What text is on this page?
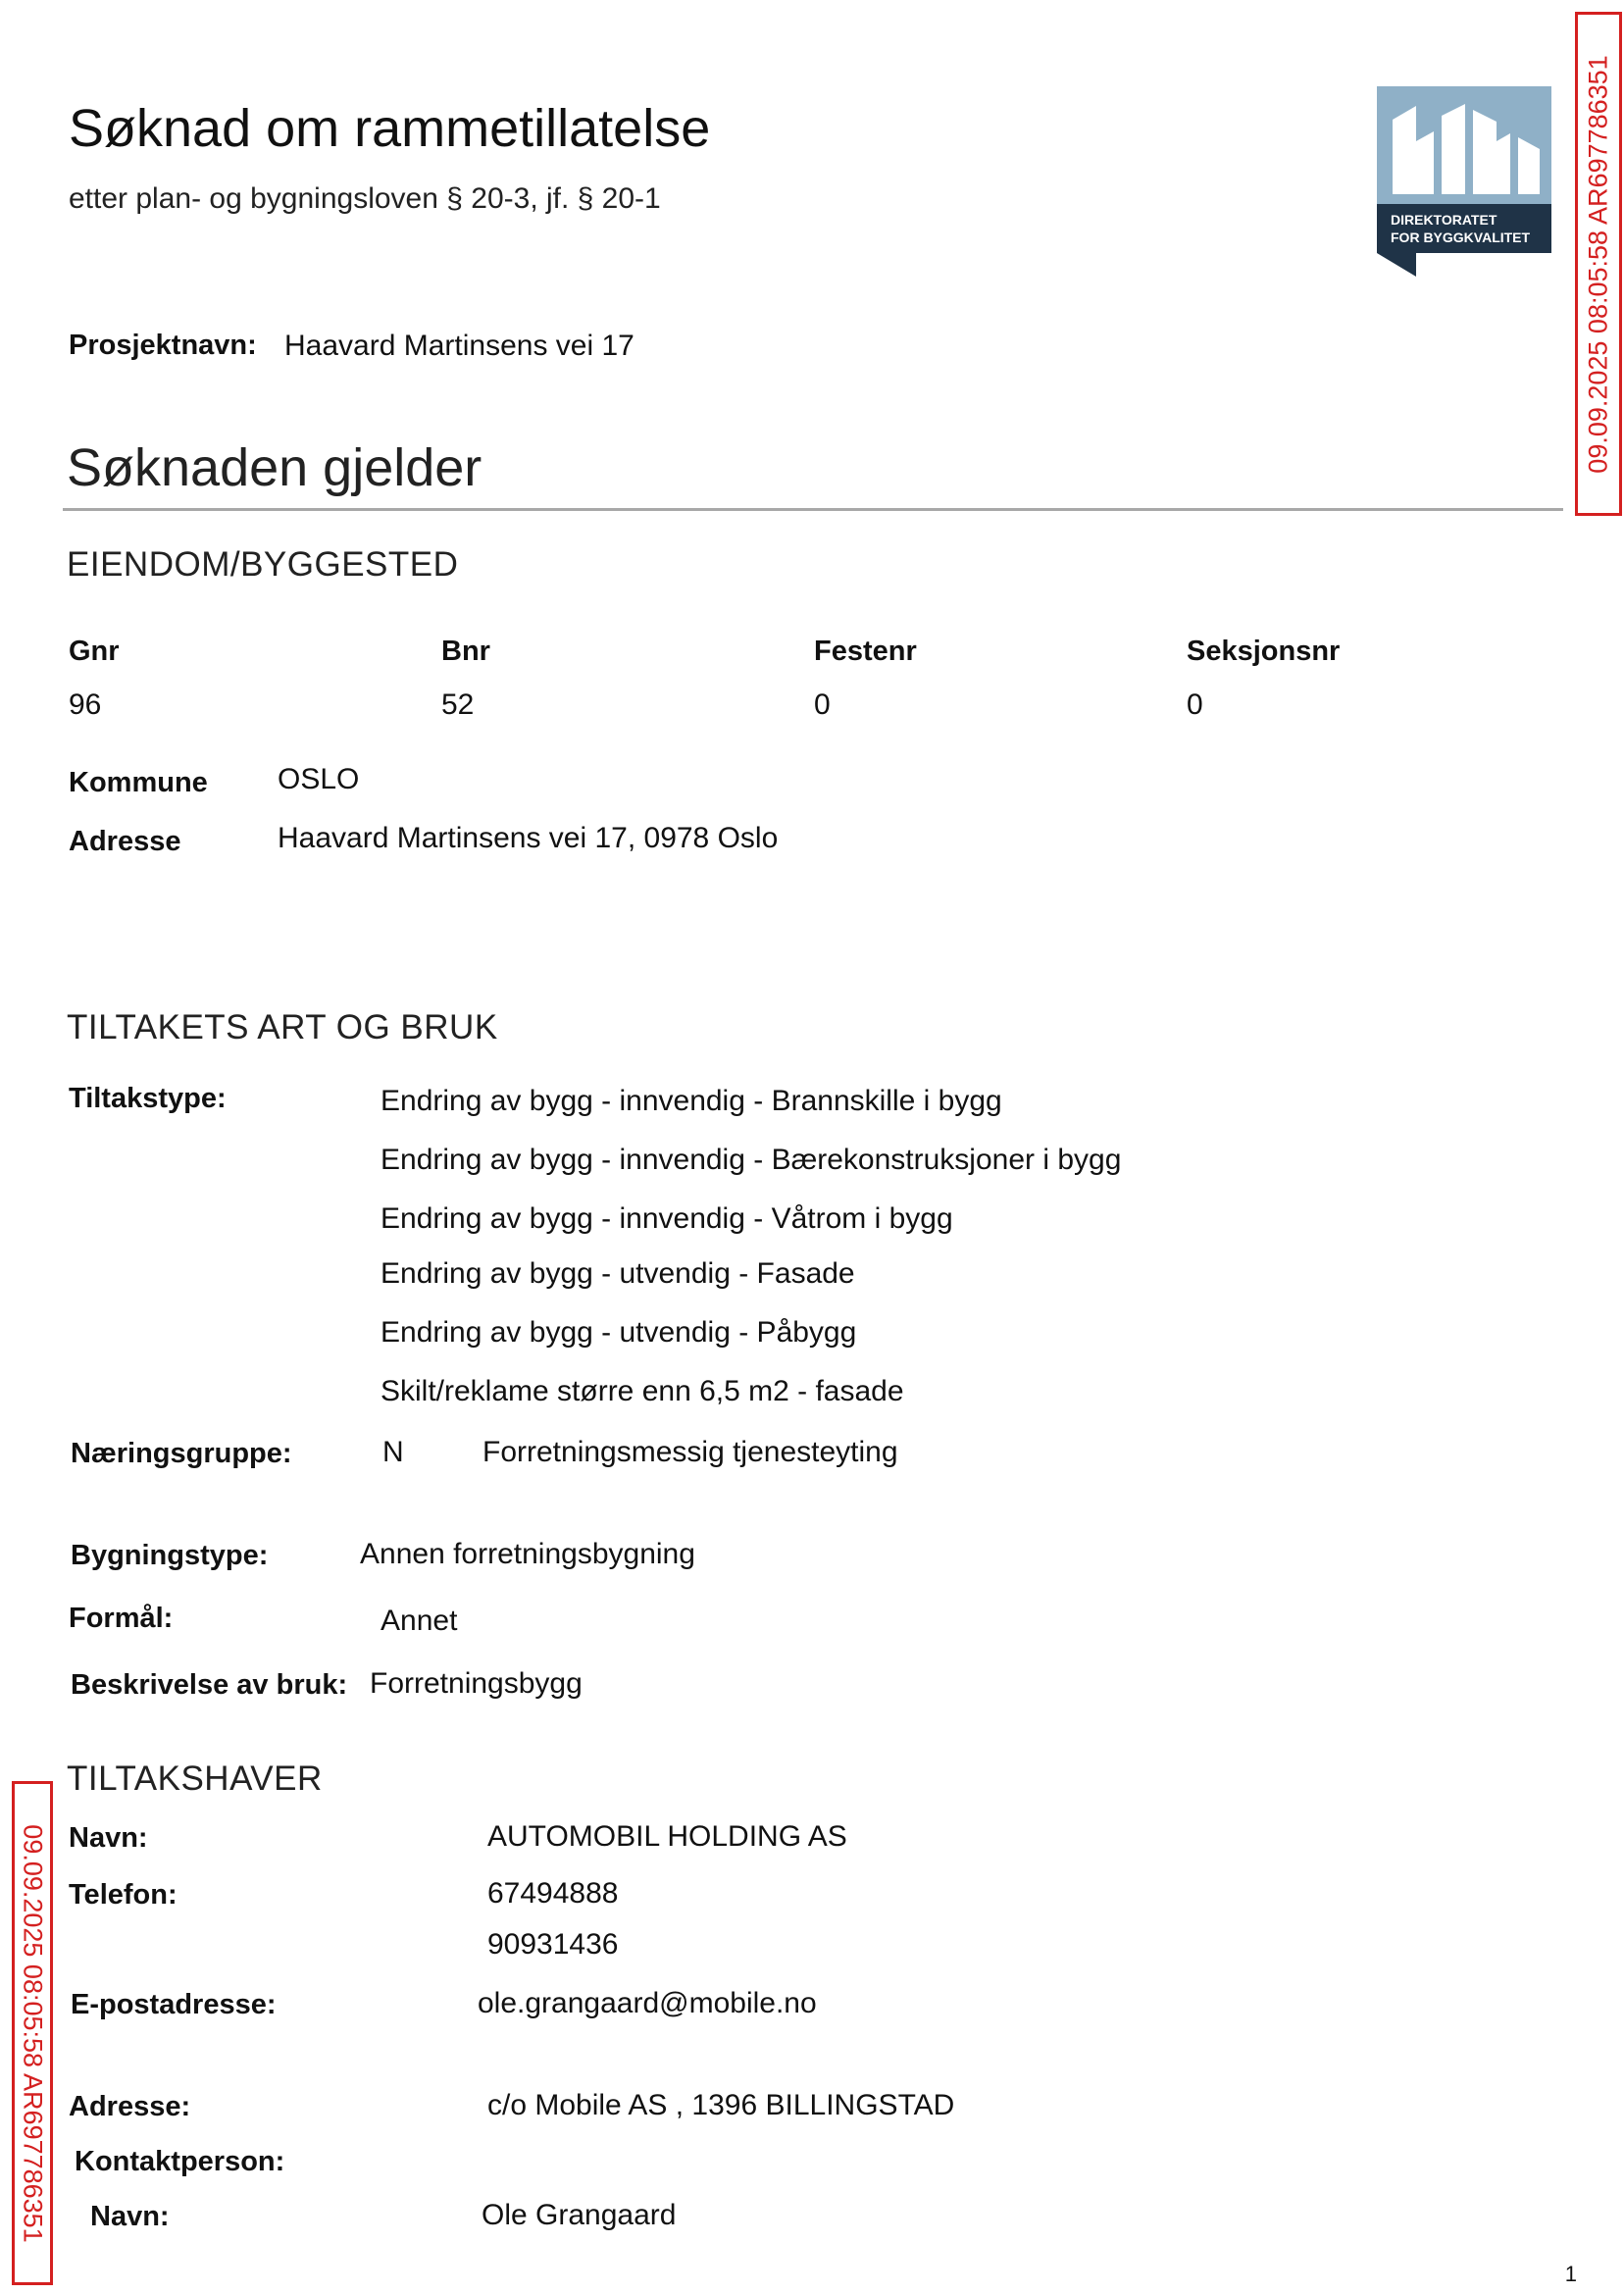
Søknad om rammetillatelse
etter plan- og bygningsloven § 20-3, jf. § 20-1
DIREKTORATET
FOR BYGGKVALITET
Prosjektnavn: Haavard Martinsens vei 17
Søknaden gjelder
EIENDOM/BYGGESTED
Gnr	Bnr	Festenr	Seksjonsnr
96	52	0	0
Kommune OSLO
Adresse	Haavard Martinsens vei 17, 0978 Oslo
TILTAKETS ART OG BRUK
Tiltakstype:	Endring av bygg - innvendig - Brannskille i bygg
Endring av bygg - innvendig - Bærekonstruksjoner i bygg
Endring av bygg - innvendig - Våtrom i bygg
Endring av bygg - utvendig - Fasade
Endring av bygg - utvendig - Påbygg
Skilt/reklame større enn 6,5 m2 - fasade
Næringsgruppe:	N	Forretningsmessig tjenesteyting
Bygningstype:	Annen forretningsbygning
Formål:	Annet
Beskrivelse av bruk: Forretningsbygg
TILTAKSHAVER
Navn:	AUTOMOBIL HOLDING AS
Telefon:	67494888
90931436
E-postadresse:	ole.grangaard@mobile.no
Adresse:	c/o Mobile AS , 1396 BILLINGSTAD
Kontaktperson:
Navn:	Ole Grangaard
09.09.2025 08:05:58 AR697786351
09.09.2025 08:05:58 AR697786351
1
